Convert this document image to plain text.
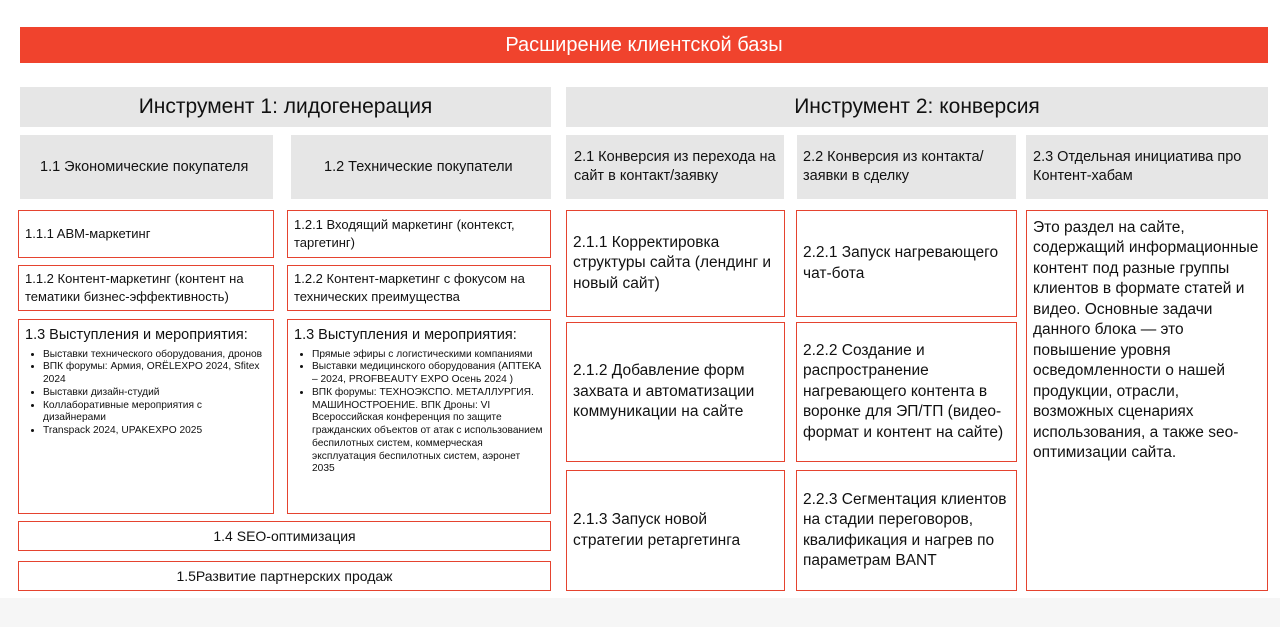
Расширение клиентской базы
Инструмент 1: лидогенерация
1.1 Экономические покупателя	1.2 Технические покупатели
1.1.1 ABM-маркетинг
1.1.2 Контент-маркетинг (контент на тематики бизнес-эффективность)
1.2.1 Входящий маркетинг (контекст, таргетинг)
1.2.2 Контент-маркетинг с фокусом на технических преимущества
1.3 Выступления и мероприятия:
• Выставки технического оборудования, дронов
• ВПК форумы: Армия, ORЁLEXPO 2024, Sfitex 2024
• Выставки дизайн-студий
• Коллаборативные мероприятия с дизайнерами
• Transpack 2024, UPAKEXPO 2025
1.3 Выступления и мероприятия:
• Прямые эфиры с логистическими компаниями
• Выставки медицинского оборудования (АПТЕКА – 2024, PROFBEAUTY EXPO Осень 2024 )
• ВПК форумы: ТЕХНОЭКСПО. МЕТАЛЛУРГИЯ. МАШИНОСТРОЕНИЕ. ВПК Дроны: VI Всероссийская конференция по защите гражданских объектов от атак с использованием беспилотных систем, коммерческая эксплуатация беспилотных систем, аэронет 2035
1.4 SEO-оптимизация
1.5Развитие партнерских продаж
Инструмент 2: конверсия
2.1 Конверсия из перехода на сайт в контакт/заявку
2.2 Конверсия из контакта/заявки в сделку
2.3 Отдельная инициатива про Контент-хабам
2.1.1 Корректировка структуры сайта (лендинг и новый сайт)
2.1.2 Добавление форм захвата и автоматизации коммуникации на сайте
2.1.3 Запуск новой стратегии ретаргетинга
2.2.1 Запуск нагревающего чат-бота
2.2.2 Создание и распространение нагревающего контента в воронке для ЭП/ТП (видео-формат и контент на сайте)
2.2.3 Сегментация клиентов на стадии переговоров, квалификация и нагрев по параметрам BANT
Это раздел на сайте, содержащий информационные контент под разные группы клиентов в формате статей и видео. Основные задачи данного блока — это повышение уровня осведомленности о нашей продукции, отрасли, возможных сценариях использования, а также seo-оптимизации сайта.
